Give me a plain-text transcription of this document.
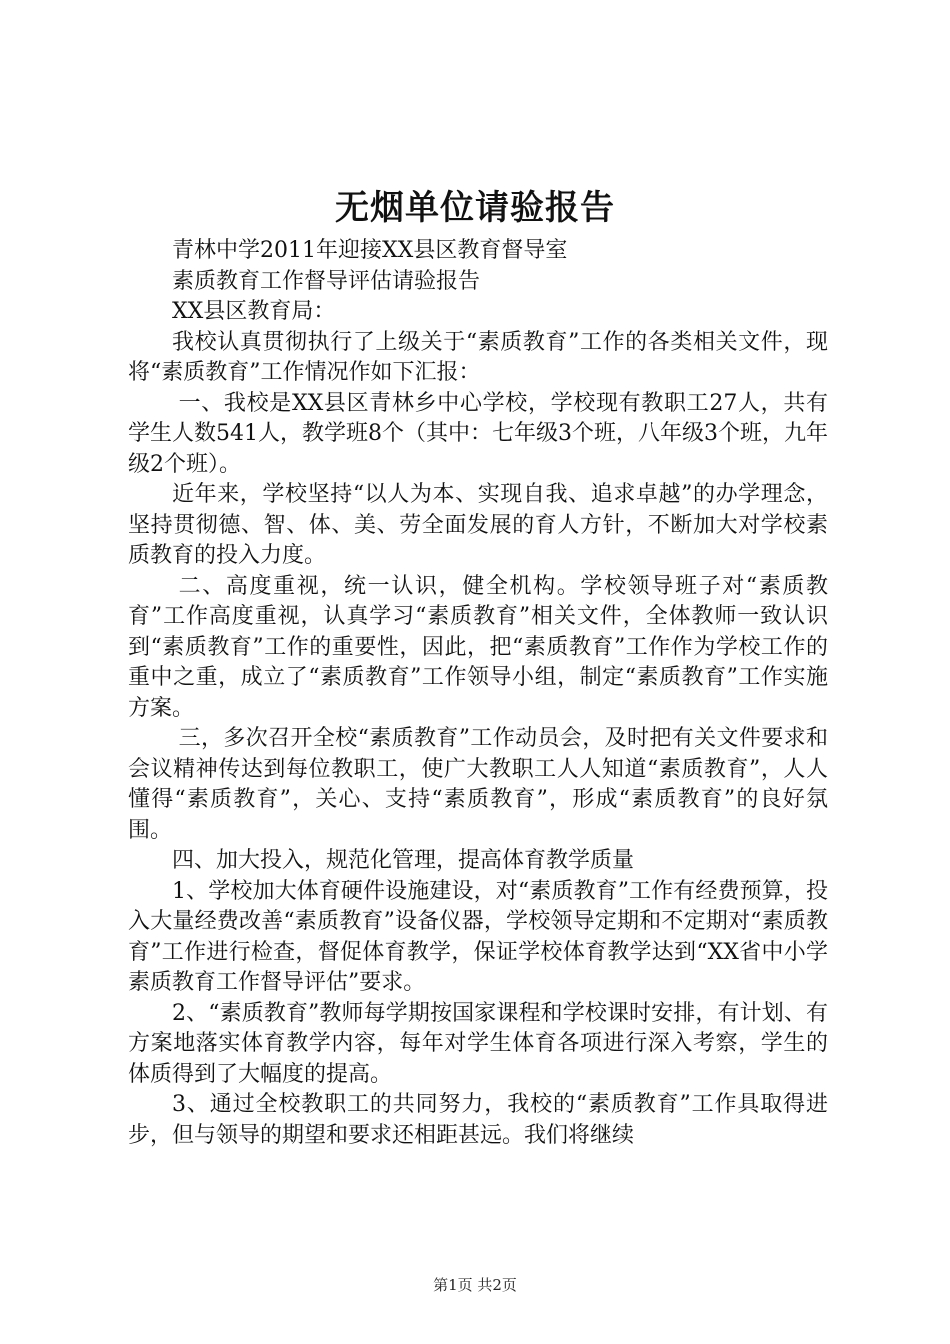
无烟单位请验报告

青林中学2011年迎接XX县区教育督导室

素质教育工作督导评估请验报告

XX县区教育局：

我校认真贯彻执行了上级关于“素质教育”工作的各类相关文件，现将“素质教育”工作情况作如下汇报：

一、我校是XX县区青林乡中心学校，学校现有教职工27人，共有学生人数541人，教学班8个（其中：七年级3个班，八年级3个班，九年级2个班）。

近年来，学校坚持“以人为本、实现自我、追求卓越”的办学理念，坚持贯彻德、智、体、美、劳全面发展的育人方针，不断加大对学校素质教育的投入力度。

二、高度重视，统一认识，健全机构。学校领导班子对“素质教育”工作高度重视，认真学习“素质教育”相关文件，全体教师一致认识到“素质教育”工作的重要性，因此，把“素质教育”工作作为学校工作的重中之重，成立了“素质教育”工作领导小组，制定“素质教育”工作实施方案。

三，多次召开全校“素质教育”工作动员会，及时把有关文件要求和会议精神传达到每位教职工，使广大教职工人人知道“素质教育”，人人懂得“素质教育”，关心、支持“素质教育”，形成“素质教育”的良好氛围。

四、加大投入，规范化管理，提高体育教学质量

1、学校加大体育硬件设施建设，对“素质教育”工作有经费预算，投入大量经费改善“素质教育”设备仪器，学校领导定期和不定期对“素质教育”工作进行检查，督促体育教学，保证学校体育教学达到“XX省中小学素质教育工作督导评估”要求。

2、“素质教育”教师每学期按国家课程和学校课时安排，有计划、有方案地落实体育教学内容，每年对学生体育各项进行深入考察，学生的体质得到了大幅度的提高。

3、通过全校教职工的共同努力，我校的“素质教育”工作具取得进步，但与领导的期望和要求还相距甚远。我们将继续

第1页 共2页
